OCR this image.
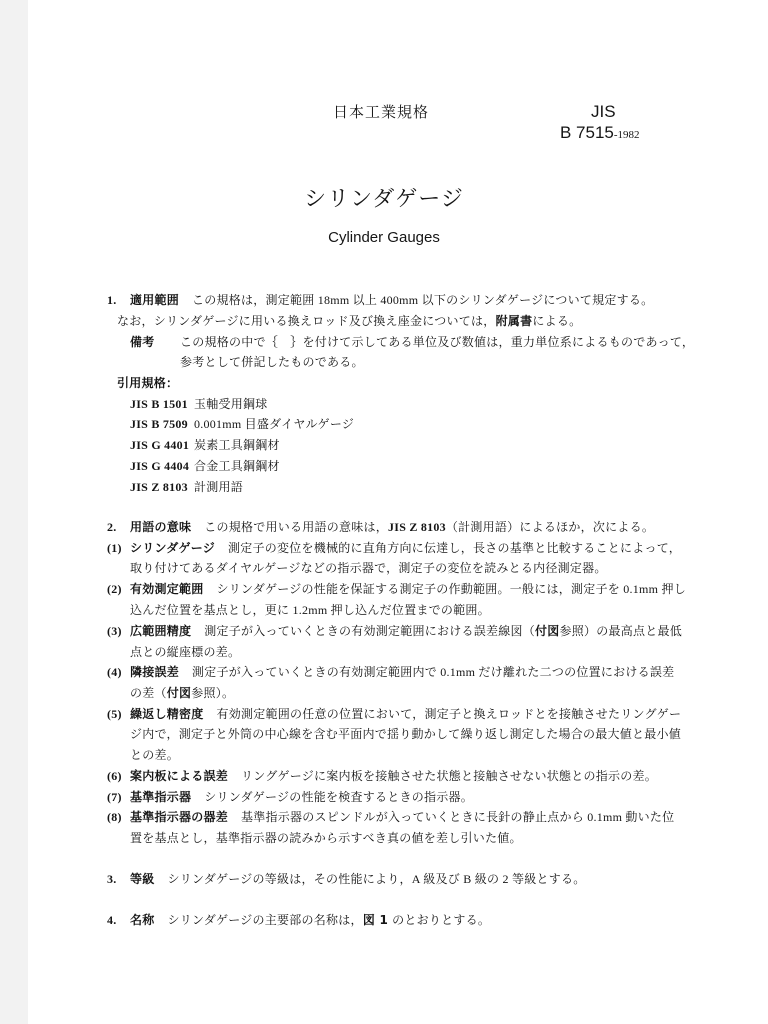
日本工業規格	JIS
B 7515-1982
シリンダゲージ
Cylinder Gauges
1. 適用範囲 この規格は，測定範囲 18mm 以上 400mm 以下のシリンダゲージについて規定する。
なお，シリンダゲージに用いる換えロッド及び換え座金については，附属書による。
備考 この規格の中で｛　｝を付けて示してある単位及び数値は，重力単位系によるものであって，
参考として併記したものである。
引用規格：
JIS B 1501 玉軸受用鋼球
JIS B 7509 0.001mm 目盛ダイヤルゲージ
JIS G 4401 炭素工具鋼鋼材
JIS G 4404 合金工具鋼鋼材
JIS Z 8103 計測用語
2. 用語の意味 この規格で用いる用語の意味は，JIS Z 8103（計測用語）によるほか，次による。
(1) シリンダゲージ 測定子の変位を機械的に直角方向に伝達し，長さの基準と比較することによって，
取り付けてあるダイヤルゲージなどの指示器で，測定子の変位を読みとる内径測定器。
(2) 有効測定範囲 シリンダゲージの性能を保証する測定子の作動範囲。一般には，測定子を 0.1mm 押し
込んだ位置を基点とし，更に 1.2mm 押し込んだ位置までの範囲。
(3) 広範囲精度 測定子が入っていくときの有効測定範囲における誤差線図（付図参照）の最高点と最低
点との縦座標の差。
(4) 隣接誤差 測定子が入っていくときの有効測定範囲内で 0.1mm だけ離れた二つの位置における誤差
の差（付図参照）。
(5) 繰返し精密度 有効測定範囲の任意の位置において，測定子と換えロッドとを接触させたリングゲー
ジ内で，測定子と外筒の中心線を含む平面内で揺り動かして繰り返し測定した場合の最大値と最小値
との差。
(6) 案内板による誤差 リングゲージに案内板を接触させた状態と接触させない状態との指示の差。
(7) 基準指示器 シリンダゲージの性能を検査するときの指示器。
(8) 基準指示器の器差 基準指示器のスピンドルが入っていくときに長針の静止点から 0.1mm 動いた位
置を基点とし，基準指示器の読みから示すべき真の値を差し引いた値。
3. 等級 シリンダゲージの等級は，その性能により，A 級及び B 級の 2 等級とする。
4. 名称 シリンダゲージの主要部の名称は，図 1 のとおりとする。
